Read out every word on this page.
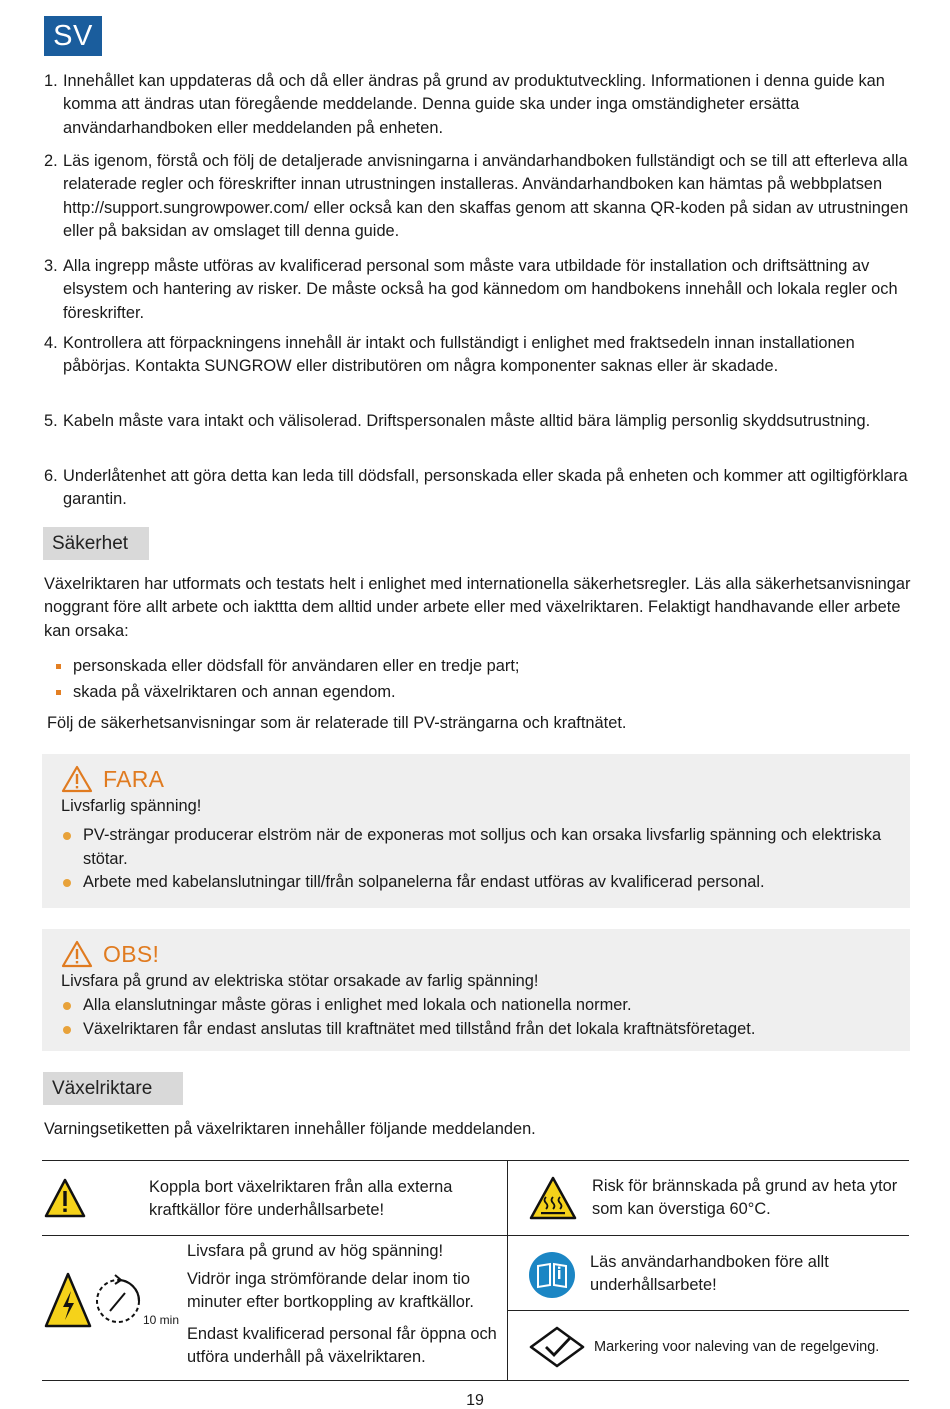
SV
1. Innehållet kan uppdateras då och då eller ändras på grund av produktutveckling. Informationen i denna guide kan komma att ändras utan föregående meddelande. Denna guide ska under inga omständigheter ersätta användarhandboken eller meddelanden på enheten.
2. Läs igenom, förstå och följ de detaljerade anvisningarna i användarhandboken fullständigt och se till att efterleva alla relaterade regler och föreskrifter innan utrustningen installeras. Användarhandboken kan hämtas på webbplatsen http://support.sungrowpower.com/ eller också kan den skaffas genom att skanna QR-koden på sidan av utrustningen eller på baksidan av omslaget till denna guide.
3. Alla ingrepp måste utföras av kvalificerad personal som måste vara utbildade för installation och driftsättning av elsystem och hantering av risker. De måste också ha god kännedom om handbokens innehåll och lokala regler och föreskrifter.
4. Kontrollera att förpackningens innehåll är intakt och fullständigt i enlighet med fraktsedeln innan installationen påbörjas. Kontakta SUNGROW eller distributören om några komponenter saknas eller är skadade.
5. Kabeln måste vara intakt och välisolerad. Driftspersonalen måste alltid bära lämplig personlig skyddsutrustning.
6. Underlåtenhet att göra detta kan leda till dödsfall, personskada eller skada på enheten och kommer att ogiltigförklara garantin.
Säkerhet

Växelriktaren har utformats och testats helt i enlighet med internationella säkerhetsregler. Läs alla säkerhetsanvisningar noggrant före allt arbete och iakttta dem alltid under arbete eller med växelriktaren. Felaktigt handhavande eller arbete kan orsaka:

personskada eller dödsfall för användaren eller en tredje part;
skada på växelriktaren och annan egendom.

Följ de säkerhetsanvisningar som är relaterade till PV-strängarna och kraftnätet.

FARA
Livsfarlig spänning!
PV-strängar producerar elström när de exponeras mot solljus och kan orsaka livsfarlig spänning och elektriska stötar.
Arbete med kabelanslutningar till/från solpanelerna får endast utföras av kvalificerad personal.
OBS!
Livsfara på grund av elektriska stötar orsakade av farlig spänning!
Alla elanslutningar måste göras i enlighet med lokala och nationella normer.
Växelriktaren får endast anslutas till kraftnätet med tillstånd från det lokala kraftnätsföretaget.
Växelriktare

Varningsetiketten på växelriktaren innehåller följande meddelanden.

Koppla bort växelriktaren från alla externa kraftkällor före underhållsarbete!
Risk för brännskada på grund av heta ytor som kan överstiga 60°C.
10 min
Livsfara på grund av hög spänning!
Vidrör inga strömförande delar inom tio minuter efter bortkoppling av kraftkällor.
Endast kvalificerad personal får öppna och utföra underhåll på växelriktaren.
Läs användarhandboken före allt underhållsarbete!
Markering voor naleving van de regelgeving.
19
